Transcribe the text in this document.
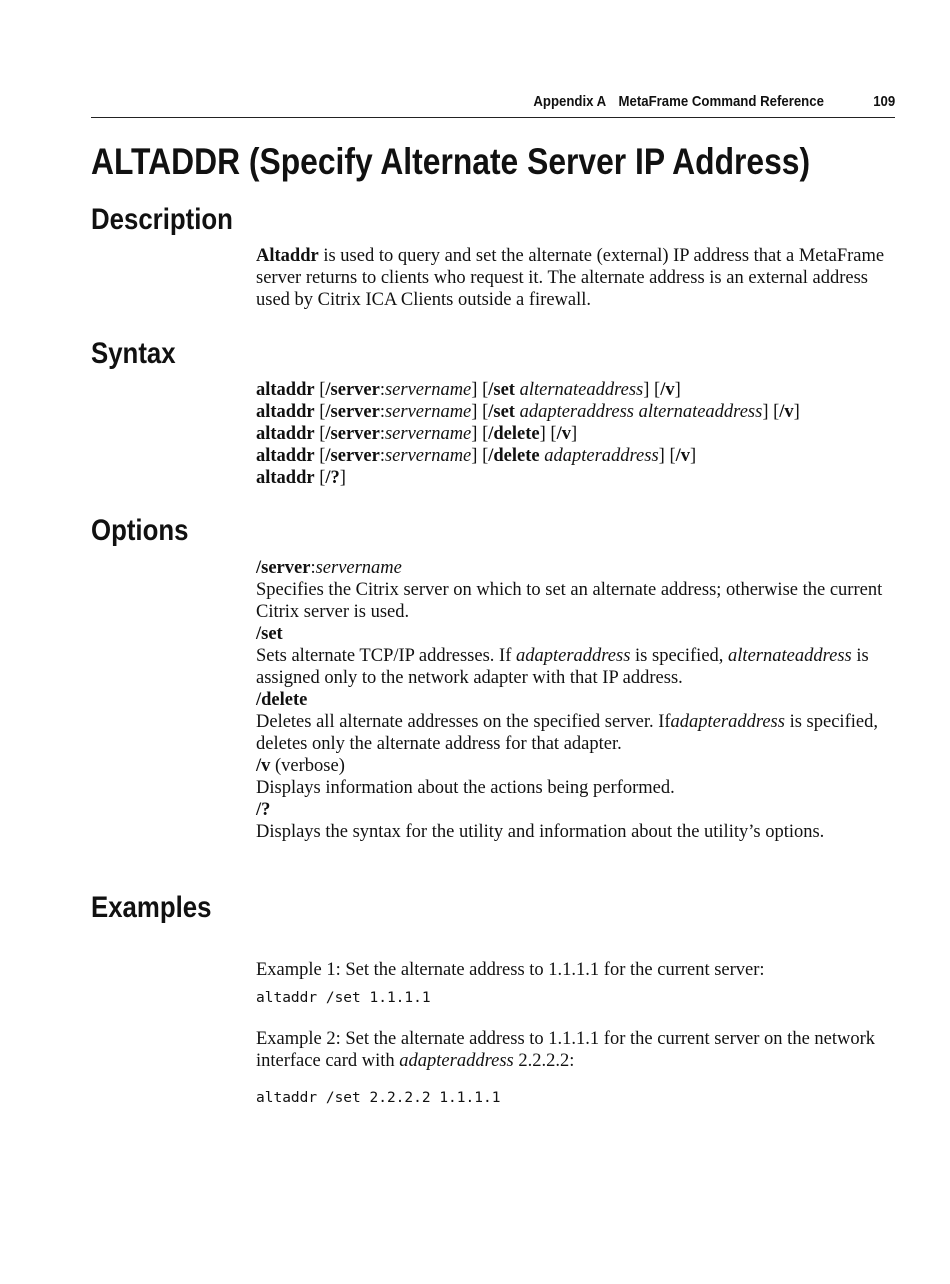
Appendix A MetaFrame Command Reference	109
ALTADDR (Specify Alternate Server IP Address)
Description

Altaddr is used to query and set the alternate (external) IP address that a MetaFrame server returns to clients who request it. The alternate address is an external address used by Citrix ICA Clients outside a firewall.

Syntax

altaddr [/server:servername] [/set alternateaddress] [/v]

altaddr [/server:servername] [/set adapteraddress alternateaddress] [/v]

altaddr [/server:servername] [/delete] [/v]

altaddr [/server:servername] [/delete adapteraddress] [/v]

altaddr [/?]

Options

/server:servername

Specifies the Citrix server on which to set an alternate address; otherwise the current Citrix server is used.

/set

Sets alternate TCP/IP addresses. If adapteraddress is specified, alternateaddress is assigned only to the network adapter with that IP address.

/delete

Deletes all alternate addresses on the specified server. Ifadapteraddress is specified, deletes only the alternate address for that adapter.

/v (verbose)

Displays information about the actions being performed.

/?

Displays the syntax for the utility and information about the utility’s options.

Examples

Example 1: Set the alternate address to 1.1.1.1 for the current server:

altaddr /set 1.1.1.1

Example 2: Set the alternate address to 1.1.1.1 for the current server on the network interface card with adapteraddress 2.2.2.2:

altaddr /set 2.2.2.2 1.1.1.1
